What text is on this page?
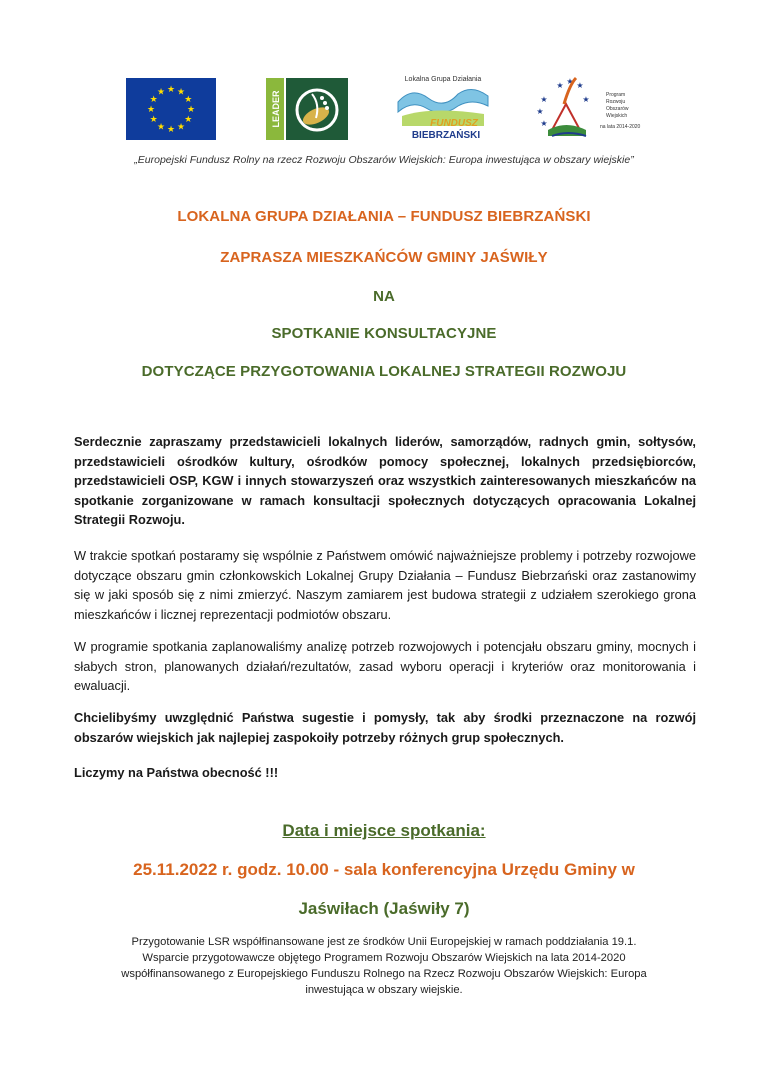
★ ★
★
★
★
★
★
★
★
★
★
★	LEADER
Lokalna Grupa Działania
FUNDUSZ
BIEBRZAŃSKI
★ ★ ★
★
★
★
★	Program
Rozwoju
Obszarów
Wiejskich
na lata 2014-2020
„Europejski Fundusz Rolny na rzecz Rozwoju Obszarów Wiejskich: Europa inwestująca w obszary wiejskie”
LOKALNA GRUPA DZIAŁANIA – FUNDUSZ BIEBRZAŃSKI
ZAPRASZA MIESZKAŃCÓW GMINY JAŚWIŁY
NA
SPOTKANIE KONSULTACYJNE
DOTYCZĄCE PRZYGOTOWANIA LOKALNEJ STRATEGII ROZWOJU
Serdecznie zapraszamy przedstawicieli lokalnych liderów, samorządów, radnych gmin, sołtysów, przedstawicieli ośrodków kultury, ośrodków pomocy społecznej, lokalnych przedsiębiorców, przedstawicieli OSP, KGW i innych stowarzyszeń oraz wszystkich zainteresowanych mieszkańców na spotkanie zorganizowane w ramach konsultacji społecznych dotyczących opracowania Lokalnej Strategii Rozwoju.
W trakcie spotkań postaramy się wspólnie z Państwem omówić najważniejsze problemy i potrzeby rozwojowe dotyczące obszaru gmin członkowskich Lokalnej Grupy Działania – Fundusz Biebrzański oraz zastanowimy się w jaki sposób się z nimi zmierzyć. Naszym zamiarem jest budowa strategii z udziałem szerokiego grona mieszkańców i licznej reprezentacji podmiotów obszaru.
W programie spotkania zaplanowaliśmy analizę potrzeb rozwojowych i potencjału obszaru gminy, mocnych i słabych stron, planowanych działań/rezultatów, zasad wyboru operacji i kryteriów oraz monitorowania i ewaluacji.
Chcielibyśmy uwzględnić Państwa sugestie i pomysły, tak aby środki przeznaczone na rozwój obszarów wiejskich jak najlepiej zaspokoiły potrzeby różnych grup społecznych.
Liczymy na Państwa obecność !!!
Data i miejsce spotkania:
25.11.2022 r. godz. 10.00 - sala konferencyjna Urzędu Gminy w
Jaświłach (Jaświły 7)
Przygotowanie LSR współfinansowane jest ze środków Unii Europejskiej w ramach poddziałania 19.1.
Wsparcie przygotowawcze objętego Programem Rozwoju Obszarów Wiejskich na lata 2014-2020
współfinansowanego z Europejskiego Funduszu Rolnego na Rzecz Rozwoju Obszarów Wiejskich: Europa
inwestująca w obszary wiejskie.
